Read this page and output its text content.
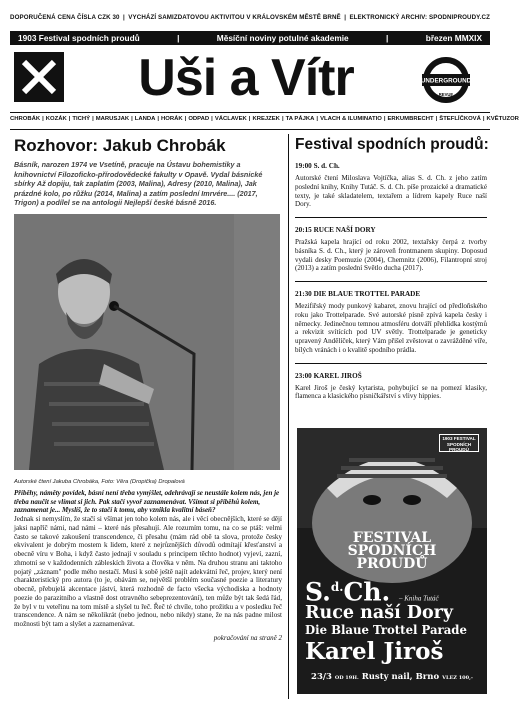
DOPORUČENÁ CENA ČÍSLA CZK 30 | VYCHÁZÍ SAMIZDATOVOU AKTIVITOU V KRÁLOVSKÉM MĚSTĚ BRNĚ | ELEKTRONICKÝ ARCHIV: SPODNIPROUDY.CZ
1903 Festival spodních proudů	|	Měsíční noviny potulné akademie	|	březen MMXIX
Uši a Vítr	UNDERGROUND
REVUE
CHROBÁK | KOZÁK | TICHÝ | MARUSJAK | LANDA | HORÁK | ODPAD | VÁCLAVEK | KREJZEK | TA PÁJKA | VLACH & ILUMINATIO | ERKUMBRECHT | ŠTEFLÍČKOVÁ | KVĚTUZOR
Rozhovor: Jakub Chrobák
Básník, narozen 1974 ve Vsetíně, pracuje na Ústavu bohemistiky a knihovnictví Filozoficko-přírodovědecké fakulty v Opavě. Vydal básnické sbírky Až dopiju, tak zaplatím (2003, Malina), Adresy (2010, Malina), Jak prázdné kolo, po růžku (2014, Malina) a zatím poslední Imrvére.... (2017, Trigon) a podílel se na antologii Nejlepší české básně 2016.
Autorské čtení Jakuba Chrobáka, Foto: Věra (Dropička) Dropalová
Příběhy, náměty povídek, básní není třeba vymýšlet, odehrávají se neustále kolem nás, jen je třeba naučit se vlímat si jich. Pak stačí vyvoř zaznamenávat. Všímat si příběhů kolem, zaznamenat je... Myslíš, že to stačí k tomu, aby vznikla kvalitní báseň?
Jednak si nemyslím, že stačí si všímat jen toho kolem nás, ale i věcí obecnějších, které se dějí jaksi napříč námi, nad námi – které nás přesahují. Ale rozumím tomu, na co se ptáš: velmi často se takové zakoušení transcendence, či přesahu (mám rád obě ta slova, protože česky ekvivalent je dobrým mostem k lidem, které z nejrůznějších důvodů odmítají křesťanství a obecně víru v Boha, i když často jednají v souladu s principem těchto hodnot) vyjeví, zazní, zhmotní se v každodenních zábleskích života a člověka v něm. Na druhou stranu ani taktoho pojatý „záznam" podle mého nestačí. Musí k sobě ještě najít adekvátní řeč, projev, který není charakteristický pro autora (to je, obávám se, největší problém současné poezie a literatury obecně, přebujelá akcentace jáství, která rozhodně de facto všecka východiska a hodnoty poezie do parazitního a vlastně dost otravného sebeprezentování), ten může být tak šedá řád, že byl v tu veteřinu na tom místě a slyšel tu řeč. Řeč té chvíle, toho prožitku a v posledku řeč transcendence. A nám se několikrát (nebo jednou, nebo nikdy) stane, že na nás padne milost možnosti být tam a slyšet a zaznamenávat.
pokračování na straně 2
Festival spodních proudů:
19:00 S. d. Ch.
Autorské čtení Miloslava Vojtíčka, alias S. d. Ch. z jeho zatím poslední knihy, Knihy Tutáč. S. d. Ch. píše prozaické a dramatické texty, je také skladatelem, textařem a lídrem kapely Ruce naší Dory.
20:15 RUCE NAŠÍ DORY
Pražská kapela hrající od roku 2002, textařsky čerpá z tvorby básníka S. d. Ch., který je zároveň frontmanem skupiny. Doposud vydali desky Poemuzie (2004), Chemnitz (2006), Filantropní stroj (2013) a zatím poslední Světlo ducha (2017).
21:30 DIE BLAUE TROTTEL PARADE
Mezifiřský mody punkový kabaret, znovu hrající od předloňského roku jako Trottelparade. Své autorské písně zpívá kapela česky i německy. Jedinečnou temnou atmosféru dotváří přehlídka kostýmů a rekvizit svítících pod UV světly. Trottelparade je geneticky upravený Andělíček, který Vám přišel zvěstovat o zavrážděné víře, bílých vránách i o kvalitě spodního prádla.
23:00 KAREL JIROŠ
Karel Jiroš je český kytarista, pohybující se na pomezí klasiky, flamenca a klasického písničkářství s vlivy hippies.
1903 FESTIVAL SPODNÍCH PROUDŮ
FESTIVAL
SPODNÍCH
PROUDŮ
S.$^{d.}$Ch. – Kniha Tutáč
Ruce naší Dory
Die Blaue Trottel Parade
Karel Jiroš
23/3 OD 19H. Rusty nail, Brno VLEZ 100,-
